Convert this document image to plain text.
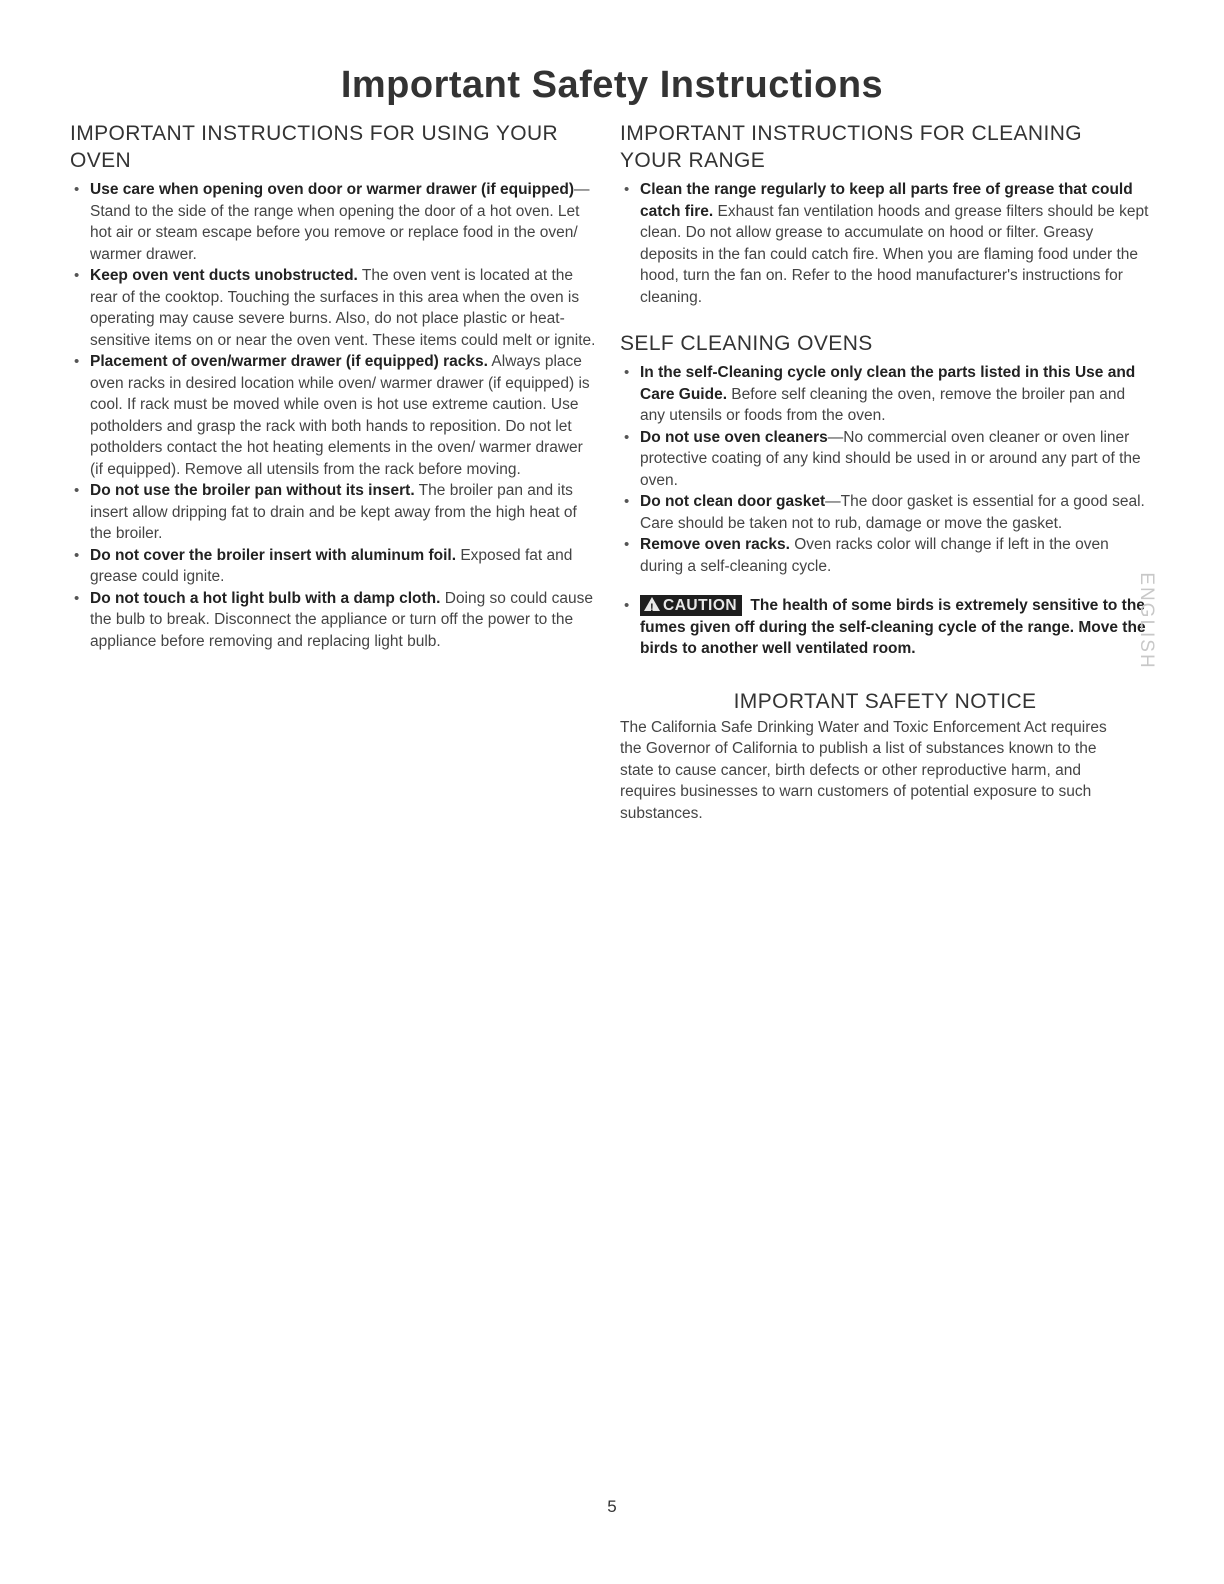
Important Safety Instructions
IMPORTANT INSTRUCTIONS FOR USING YOUR OVEN
• Use care when opening oven door or warmer drawer (if equipped)—Stand to the side of the range when opening the door of a hot oven. Let hot air or steam escape before you remove or replace food in the oven/ warmer drawer.
• Keep oven vent ducts unobstructed. The oven vent is located at the rear of the cooktop. Touching the surfaces in this area when the oven is operating may cause severe burns. Also, do not place plastic or heat-sensitive items on or near the oven vent. These items could melt or ignite.
• Placement of oven/warmer drawer (if equipped) racks. Always place oven racks in desired location while oven/ warmer drawer (if equipped) is cool. If rack must be moved while oven is hot use extreme caution. Use potholders and grasp the rack with both hands to reposition. Do not let potholders contact the hot heating elements in the oven/ warmer drawer (if equipped). Remove all utensils from the rack before moving.
• Do not use the broiler pan without its insert. The broiler pan and its insert allow dripping fat to drain and be kept away from the high heat of the broiler.
• Do not cover the broiler insert with aluminum foil. Exposed fat and grease could ignite.
• Do not touch a hot light bulb with a damp cloth. Doing so could cause the bulb to break. Disconnect the appliance or turn off the power to the appliance before removing and replacing light bulb.
IMPORTANT INSTRUCTIONS FOR CLEANING YOUR RANGE
• Clean the range regularly to keep all parts free of grease that could catch fire. Exhaust fan ventilation hoods and grease filters should be kept clean. Do not allow grease to accumulate on hood or filter. Greasy deposits in the fan could catch fire. When you are flaming food under the hood, turn the fan on. Refer to the hood manufacturer's instructions for cleaning.
SELF CLEANING OVENS
• In the self-Cleaning cycle only clean the parts listed in this Use and Care Guide. Before self cleaning the oven, remove the broiler pan and any utensils or foods from the oven.
• Do not use oven cleaners—No commercial oven cleaner or oven liner protective coating of any kind should be used in or around any part of the oven.
• Do not clean door gasket—The door gasket is essential for a good seal. Care should be taken not to rub, damage or move the gasket.
• Remove oven racks. Oven racks color will change if left in the oven during a self-cleaning cycle.
•
! CAUTION The health of some birds is extremely sensitive to the fumes given off during the self-cleaning cycle of the range. Move the birds to another well ventilated room.
IMPORTANT SAFETY NOTICE

The California Safe Drinking Water and Toxic Enforcement Act requires the Governor of California to publish a list of substances known to the state to cause cancer, birth defects or other reproductive harm, and requires businesses to warn customers of potential exposure to such substances.

ENGLISH
5
